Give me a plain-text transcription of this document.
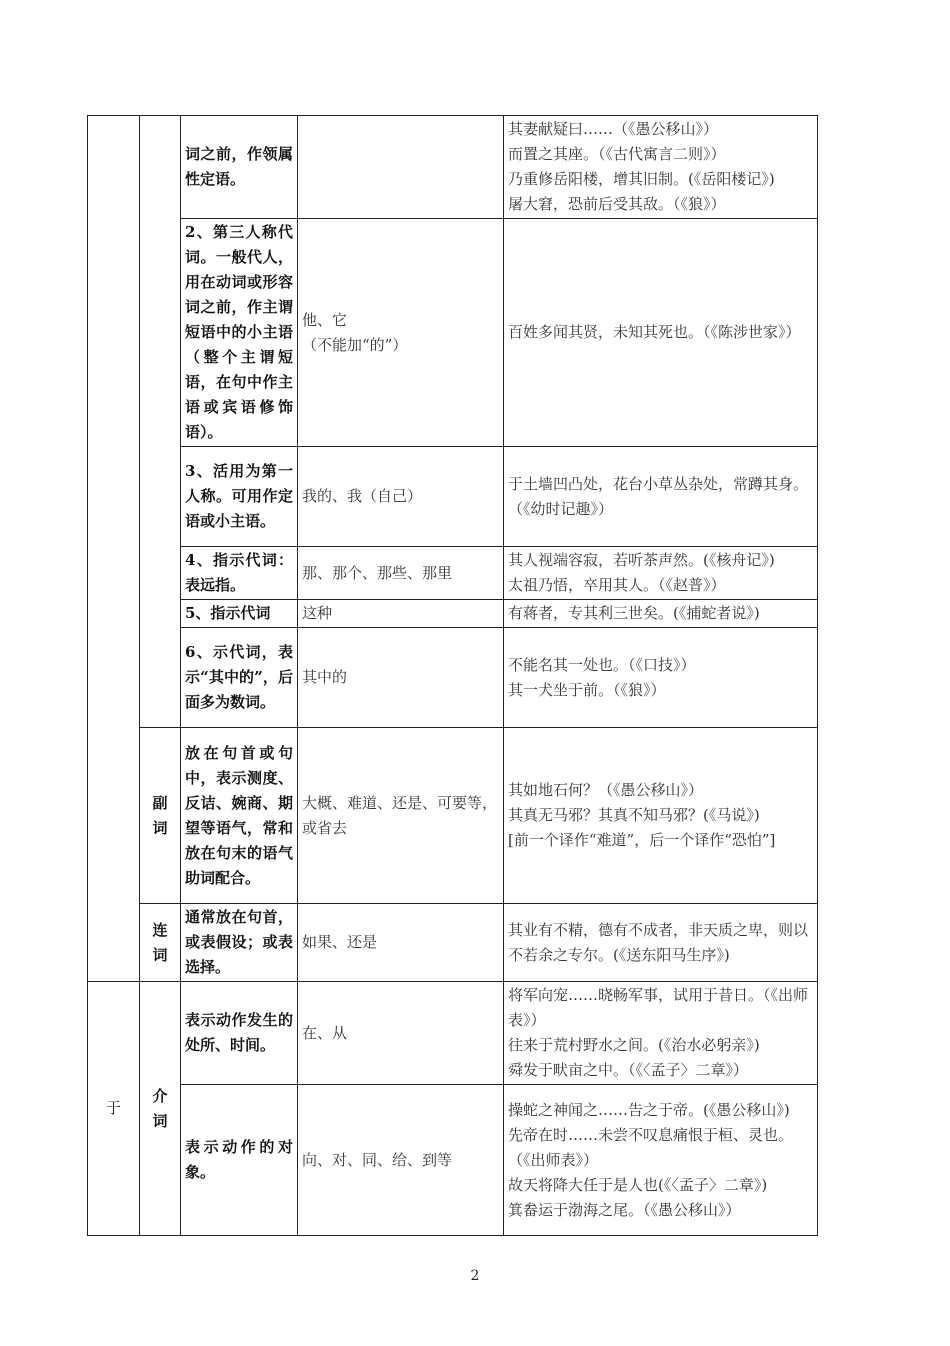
		词之前，作领属性定语。		其妻献疑曰……（《愚公移山》）
而置之其座。（《古代寓言二则》）
乃重修岳阳楼，增其旧制。(《岳阳楼记》)
屠大窘，恐前后受其敌。（《狼》）

		2、第三人称代词。一般代人，用在动词或形容词之前，作主谓短语中的小主语（整个主谓短语，在句中作主语或宾语修饰语）。	他、它
（不能加“的”）	百姓多闻其贤，未知其死也。（《陈涉世家》）

		3、活用为第一人称。可用作定语或小主语。	我的、我（自己）	于土墙凹凸处，花台小草丛杂处，常蹲其身。（《幼时记趣》）

		4、指示代词：表远指。	那、那个、那些、那里	其人视端容寂，若听茶声然。(《核舟记》)
太祖乃悟，卒用其人。（《赵普》）

		5、指示代词	这种	有蒋者，专其利三世矣。(《捕蛇者说》)

		6、示代词，表示“其中的”，后面多为数词。	其中的	不能名其一处也。（《口技》）
其一犬坐于前。（《狼》）

	副词	放在句首或句中，表示测度、反诘、婉商、期望等语气，常和放在句末的语气助词配合。	大概、难道、还是、可要等，或省去	其如地石何？（《愚公移山》）
其真无马邪？其真不知马邪？(《马说》)
[前一个译作“难道”，后一个译作“恐怕”]

	连词	通常放在句首，或表假设；或表选择。	如果、还是	其业有不精，德有不成者，非天质之卑，则以不若余之专尔。(《送东阳马生序》)

于	介词	表示动作发生的处所、时间。	在、从	将军向宠……晓畅军事，试用于昔日。（《出师表》）
往来于荒村野水之间。(《治水必躬亲》)
舜发于畎亩之中。（《〈孟子〉二章》）

		表示动作的对象。	向、对、同、给、到等	操蛇之神闻之……告之于帝。(《愚公移山》)
先帝在时……未尝不叹息痛恨于桓、灵也。（《出师表》）
故天将降大任于是人也(《〈孟子〉二章》)
箕畚运于渤海之尾。（《愚公移山》）
2
